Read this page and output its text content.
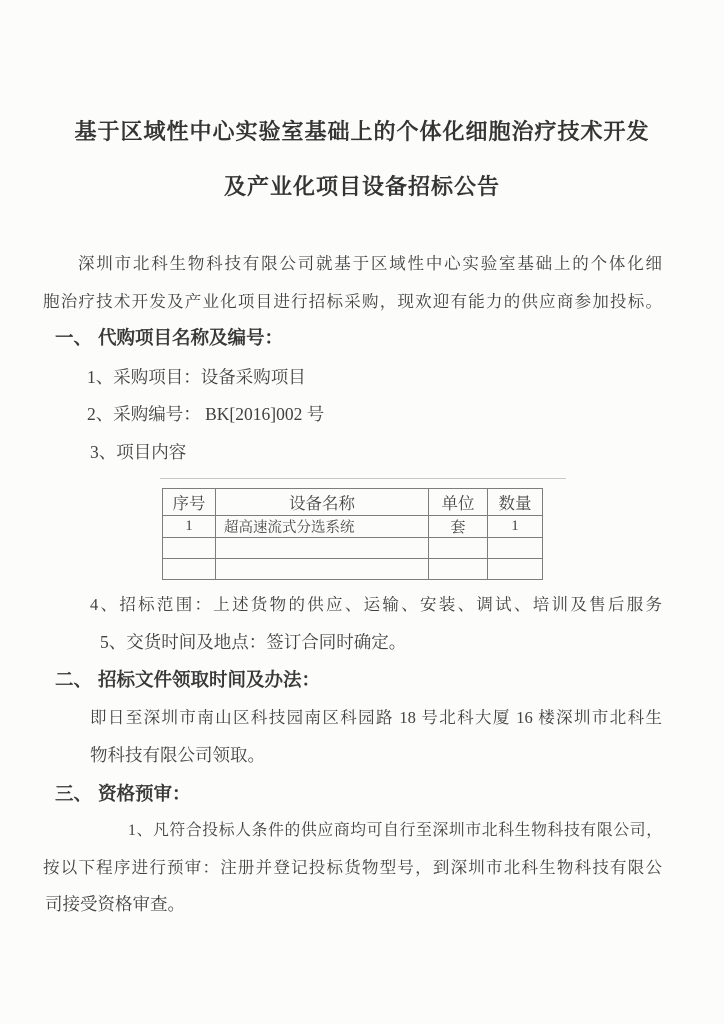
基于区域性中心实验室基础上的个体化细胞治疗技术开发
及产业化项目设备招标公告
深圳市北科生物科技有限公司就基于区域性中心实验室基础上的个体化细
胞治疗技术开发及产业化项目进行招标采购，现欢迎有能力的供应商参加投标。
一、 代购项目名称及编号：
1、采购项目：设备采购项目
2、采购编号： BK[2016]002 号
3、项目内容
序号	设备名称	单位	数量
1	超高速流式分选系统	套	1

4、招标范围：上述货物的供应、运输、安装、调试、培训及售后服务
5、交货时间及地点：签订合同时确定。
二、 招标文件领取时间及办法：
即日至深圳市南山区科技园南区科园路 18 号北科大厦 16 楼深圳市北科生
物科技有限公司领取。
三、 资格预审：
1、凡符合投标人条件的供应商均可自行至深圳市北科生物科技有限公司，
按以下程序进行预审：注册并登记投标货物型号，到深圳市北科生物科技有限公
司接受资格审查。
